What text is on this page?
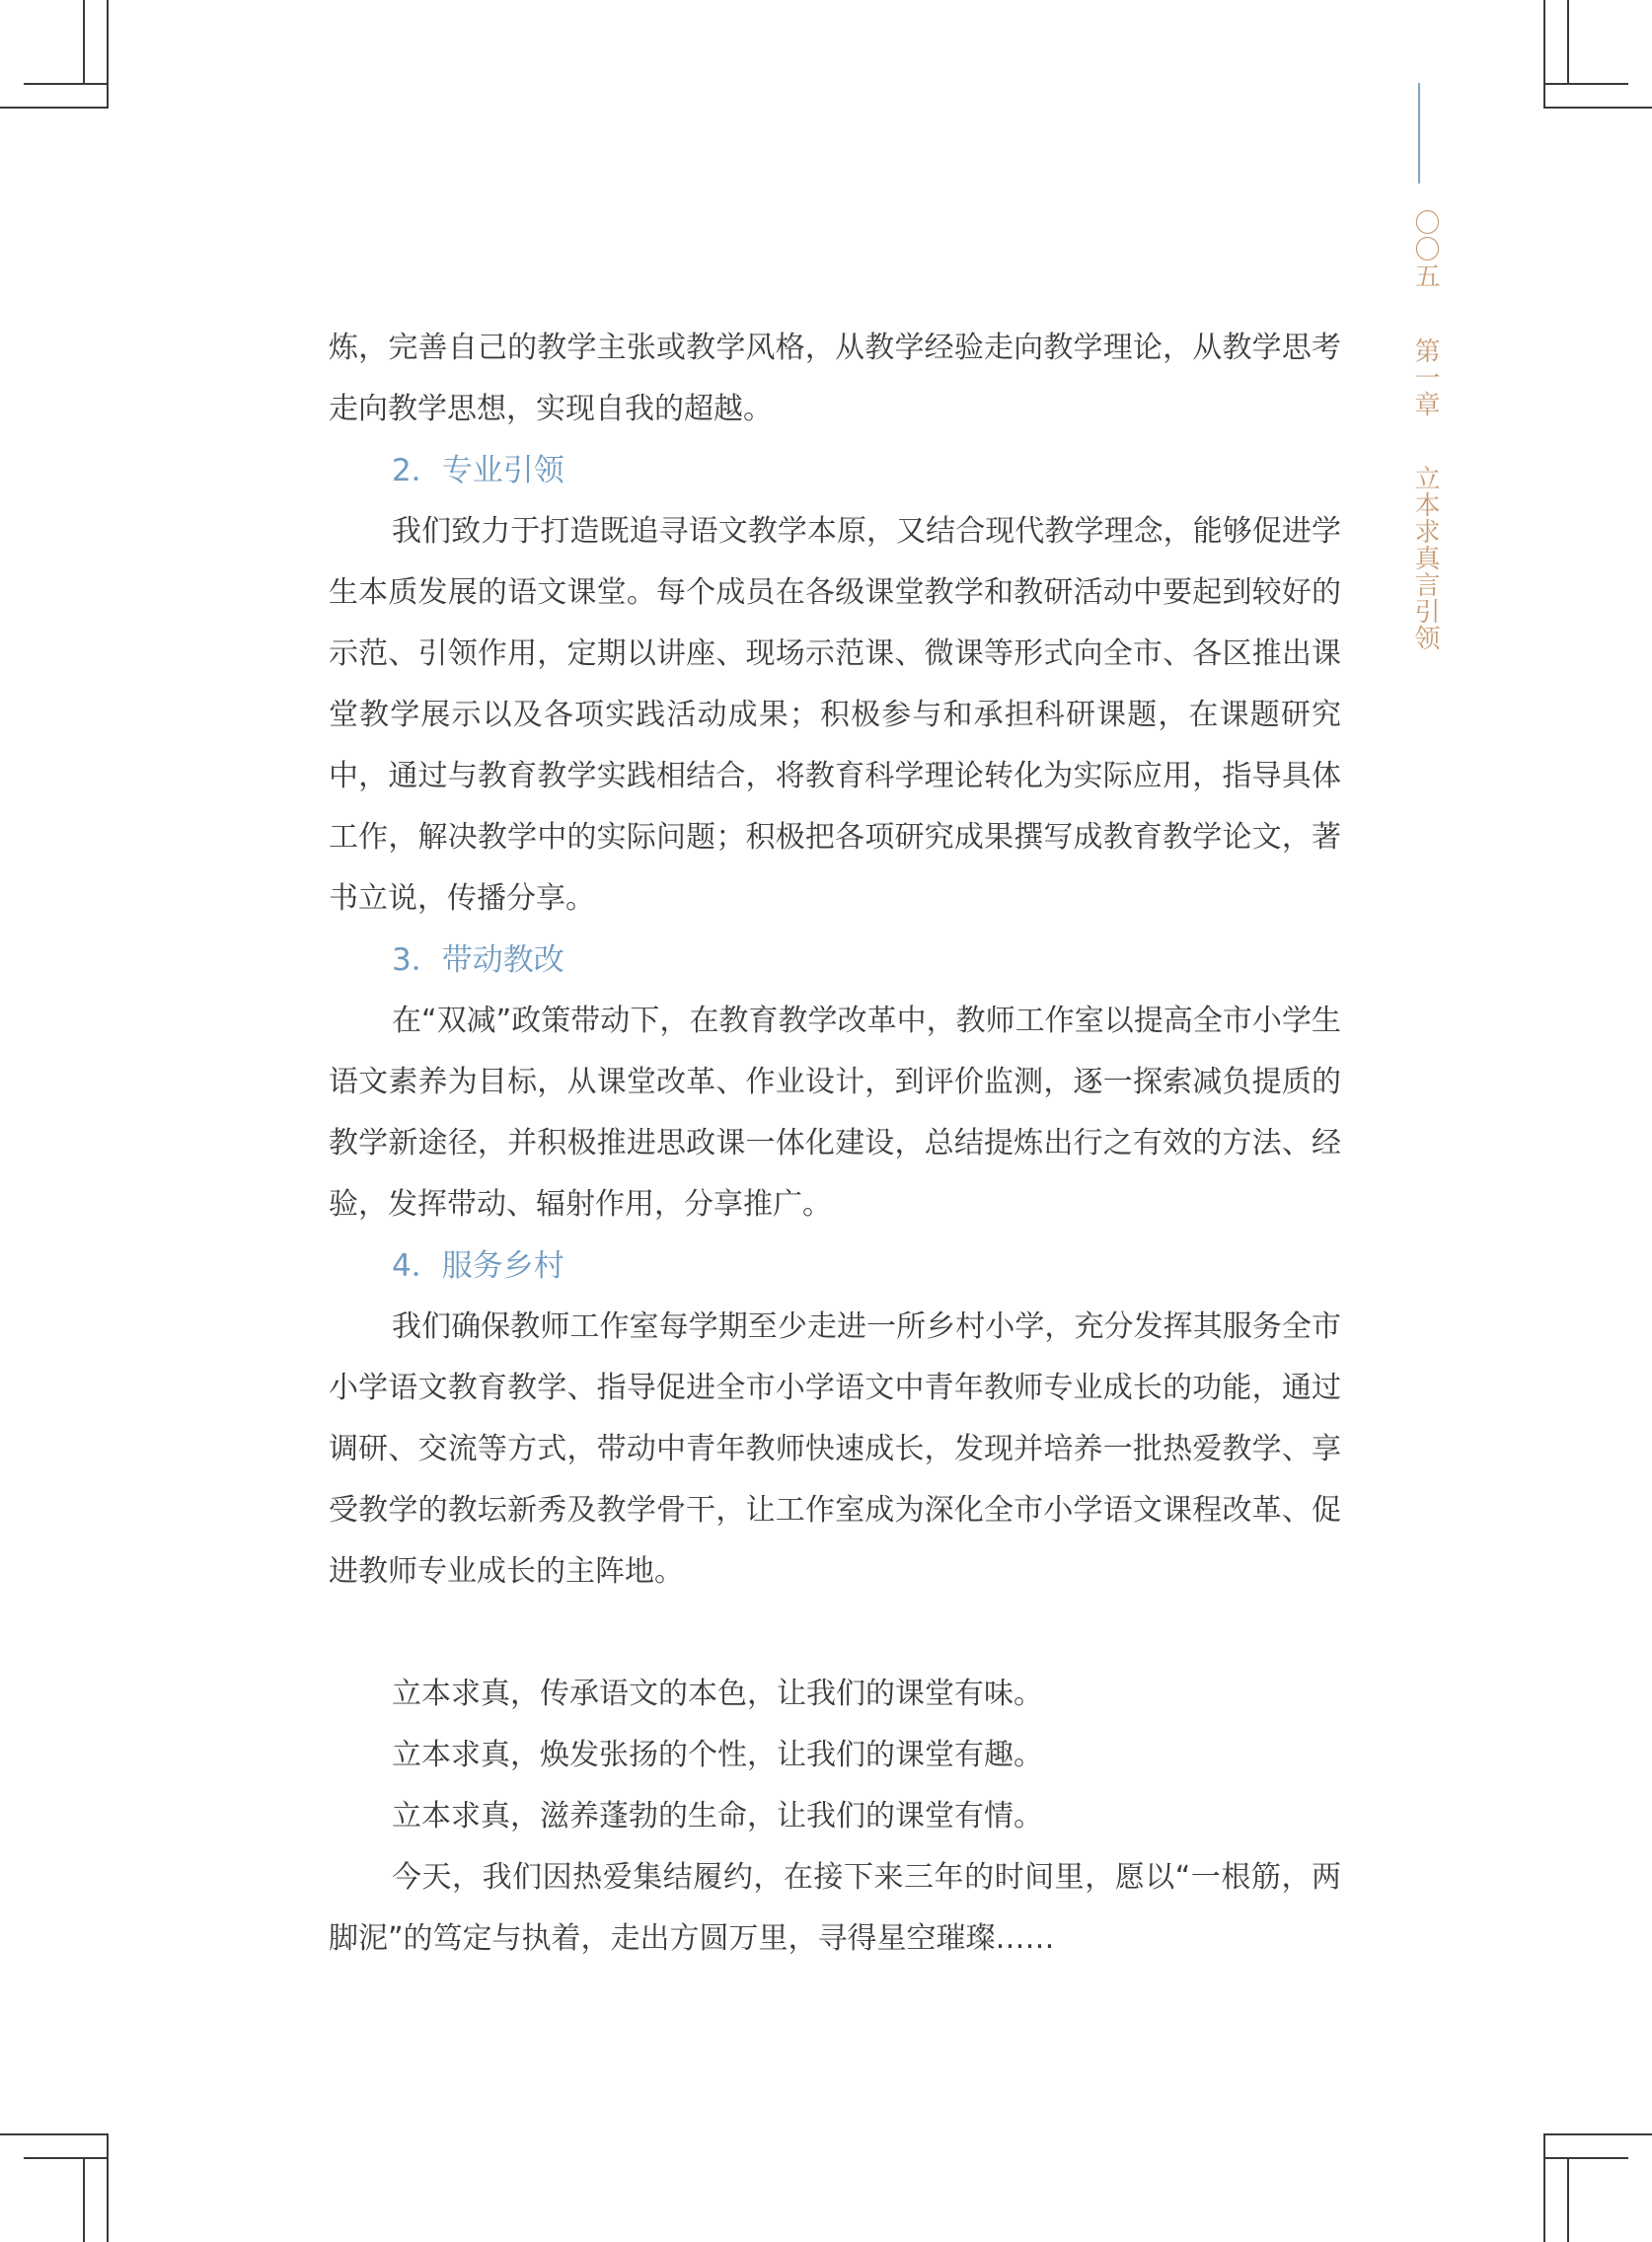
〇〇五  第一章  立本求真言引领

炼，完善自己的教学主张或教学风格，从教学经验走向教学理论，从教学思考走向教学思想，实现自我的超越。

2．专业引领

我们致力于打造既追寻语文教学本原，又结合现代教学理念，能够促进学生本质发展的语文课堂。每个成员在各级课堂教学和教研活动中要起到较好的示范、引领作用，定期以讲座、现场示范课、微课等形式向全市、各区推出课堂教学展示以及各项实践活动成果；积极参与和承担科研课题，在课题研究中，通过与教育教学实践相结合，将教育科学理论转化为实际应用，指导具体工作，解决教学中的实际问题；积极把各项研究成果撰写成教育教学论文，著书立说，传播分享。

3．带动教改

在“双减”政策带动下，在教育教学改革中，教师工作室以提高全市小学生语文素养为目标，从课堂改革、作业设计，到评价监测，逐一探索减负提质的教学新途径，并积极推进思政课一体化建设，总结提炼出行之有效的方法、经验，发挥带动、辐射作用，分享推广。

4．服务乡村

我们确保教师工作室每学期至少走进一所乡村小学，充分发挥其服务全市小学语文教育教学、指导促进全市小学语文中青年教师专业成长的功能，通过调研、交流等方式，带动中青年教师快速成长，发现并培养一批热爱教学、享受教学的教坛新秀及教学骨干，让工作室成为深化全市小学语文课程改革、促进教师专业成长的主阵地。

立本求真，传承语文的本色，让我们的课堂有味。

立本求真，焕发张扬的个性，让我们的课堂有趣。

立本求真，滋养蓬勃的生命，让我们的课堂有情。

今天，我们因热爱集结履约，在接下来三年的时间里，愿以“一根筋，两脚泥”的笃定与执着，走出方圆万里，寻得星空璀璨……
